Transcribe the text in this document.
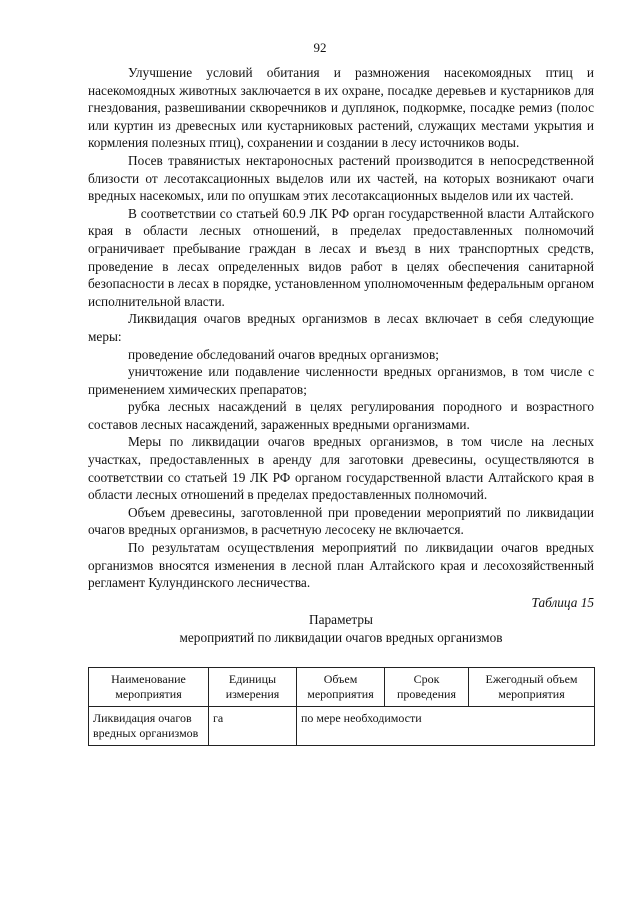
92

Улучшение условий обитания и размножения насекомоядных птиц и насекомоядных животных заключается в их охране, посадке деревьев и кустарников для гнездования, развешивании скворечников и дуплянок, подкормке, посадке ремиз (полос или куртин из древесных или кустарниковых растений, служащих местами укрытия и кормления полезных птиц), сохранении и создании в лесу источников воды.

Посев травянистых нектароносных растений производится в непосредственной близости от лесотаксационных выделов или их частей, на которых возникают очаги вредных насекомых, или по опушкам этих лесотаксационных выделов или их частей.

В соответствии со статьей 60.9 ЛК РФ орган государственной власти Алтайского края в области лесных отношений, в пределах предоставленных полномочий ограничивает пребывание граждан в лесах и въезд в них транспортных средств, проведение в лесах определенных видов работ в целях обеспечения санитарной безопасности в лесах в порядке, установленном уполномоченным федеральным органом исполнительной власти.

Ликвидация очагов вредных организмов в лесах включает в себя следующие меры:

проведение обследований очагов вредных организмов;

уничтожение или подавление численности вредных организмов, в том числе с применением химических препаратов;

рубка лесных насаждений в целях регулирования породного и возрастного составов лесных насаждений, зараженных вредными организмами.

Меры по ликвидации очагов вредных организмов, в том числе на лесных участках, предоставленных в аренду для заготовки древесины, осуществляются в соответствии со статьей 19 ЛК РФ органом государственной власти Алтайского края в области лесных отношений в пределах предоставленных полномочий.

Объем древесины, заготовленной при проведении мероприятий по ликвидации очагов вредных организмов, в расчетную лесосеку не включается.

По результатам осуществления мероприятий по ликвидации очагов вредных организмов вносятся изменения в лесной план Алтайского края и лесохозяйственный регламент Кулундинского лесничества.

Таблица 15
Параметры
мероприятий по ликвидации очагов вредных организмов
Наименование мероприятия	Единицы измерения	Объем мероприятия	Срок проведения	Ежегодный объем мероприятия
Ликвидация очагов вредных организмов	га	по мере необходимости		
